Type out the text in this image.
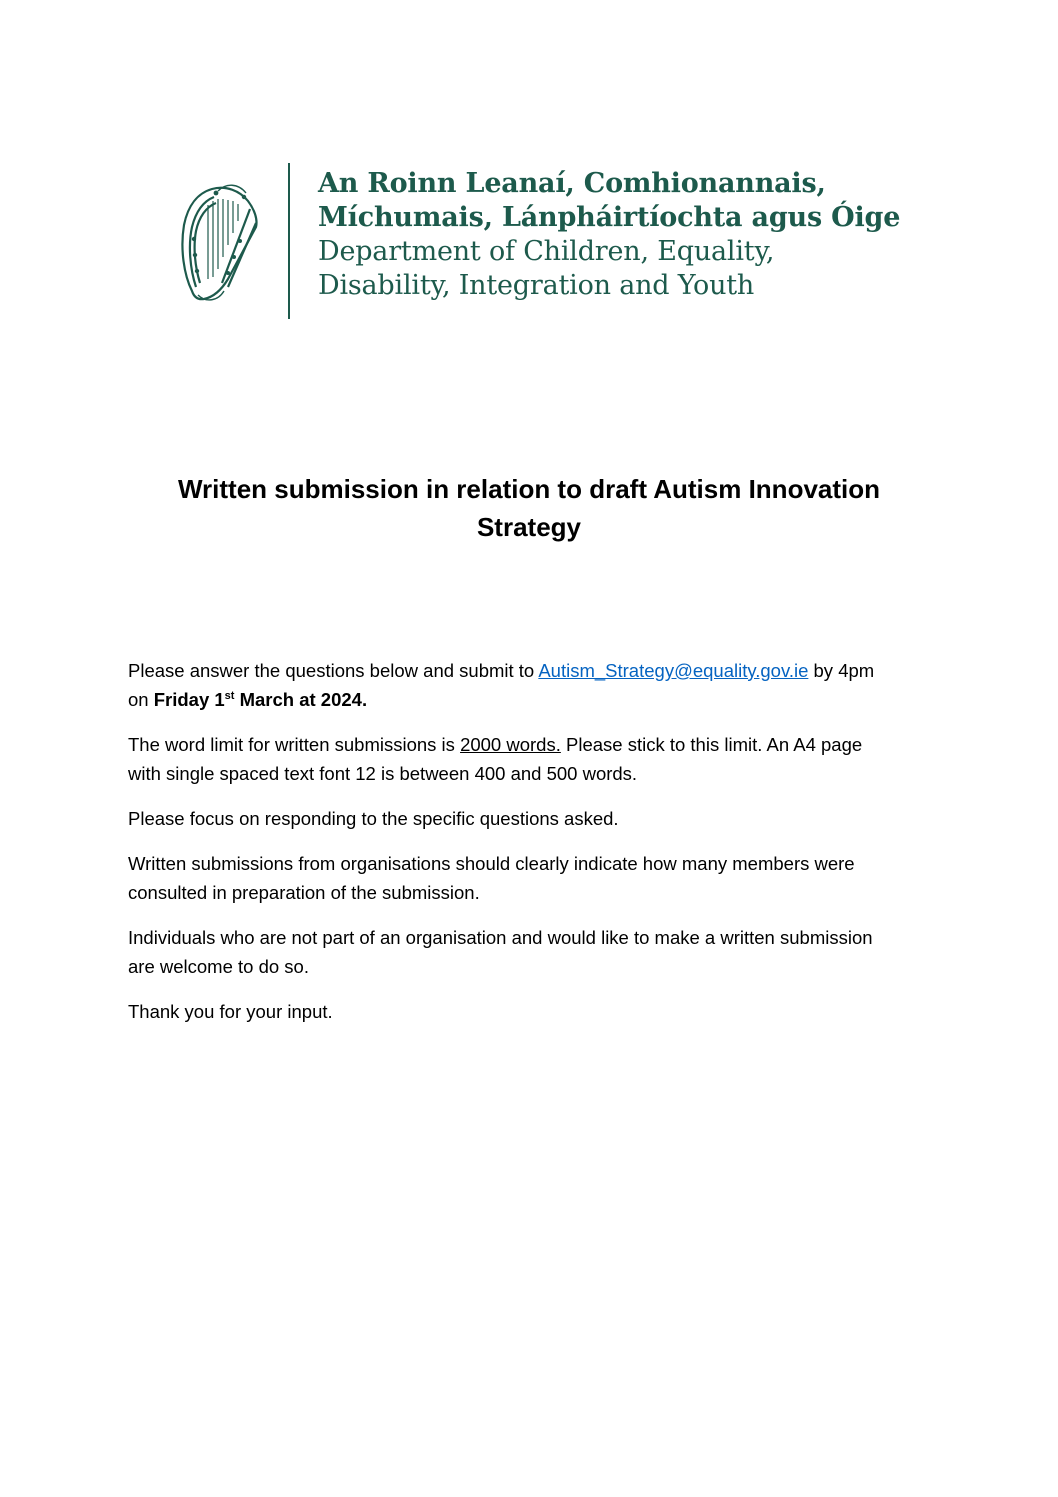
An Roinn Leanaí, Comhionannais,
Míchumais, Lánpháirtíochta agus Óige
Department of Children, Equality,
Disability, Integration and Youth
Written submission in relation to draft Autism Innovation
Strategy

Please answer the questions below and submit to Autism_Strategy@equality.gov.ie by 4pm
on Friday 1st March at 2024.

The word limit for written submissions is 2000 words. Please stick to this limit. An A4 page
with single spaced text font 12 is between 400 and 500 words.

Please focus on responding to the specific questions asked.

Written submissions from organisations should clearly indicate how many members were
consulted in preparation of the submission.

Individuals who are not part of an organisation and would like to make a written submission
are welcome to do so.

Thank you for your input.
